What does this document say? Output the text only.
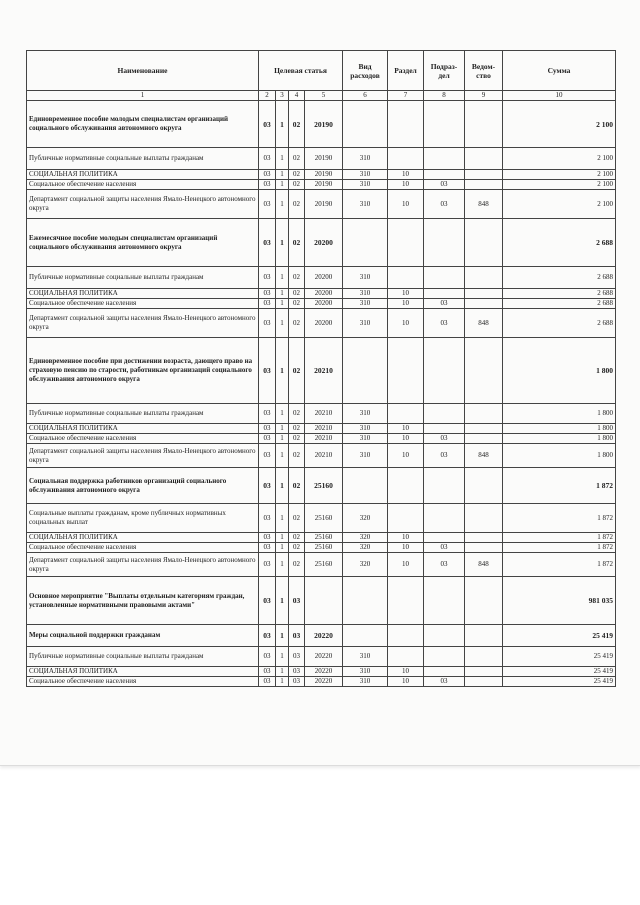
Наименование	Целевая статья				Вид расходов	Раздел	Подраз-дел	Ведом-ство	Сумма
1	2	3	4	5	6	7	8	9	10
Единовременное пособие молодым специалистам организаций социального обслуживания автономного округа	03	1	02	20190					2 100
Публичные нормативные социальные выплаты гражданам	03	1	02	20190	310				2 100
СОЦИАЛЬНАЯ ПОЛИТИКА	03	1	02	20190	310	10			2 100
Социальное обеспечение населения	03	1	02	20190	310	10	03		2 100
Департамент социальной защиты населения Ямало-Ненецкого автономного округа	03	1	02	20190	310	10	03	848	2 100
Ежемесячное пособие молодым специалистам организаций социального обслуживания автономного округа	03	1	02	20200					2 688
Публичные нормативные социальные выплаты гражданам	03	1	02	20200	310				2 688
СОЦИАЛЬНАЯ ПОЛИТИКА	03	1	02	20200	310	10			2 688
Социальное обеспечение населения	03	1	02	20200	310	10	03		2 688
Департамент социальной защиты населения Ямало-Ненецкого автономного округа	03	1	02	20200	310	10	03	848	2 688
Единовременное пособие при достижении возраста, дающего право на страховую пенсию по старости, работникам организаций социального обслуживания автономного округа	03	1	02	20210					1 800
Публичные нормативные социальные выплаты гражданам	03	1	02	20210	310				1 800
СОЦИАЛЬНАЯ ПОЛИТИКА	03	1	02	20210	310	10			1 800
Социальное обеспечение населения	03	1	02	20210	310	10	03		1 800
Департамент социальной защиты населения Ямало-Ненецкого автономного округа	03	1	02	20210	310	10	03	848	1 800
Социальная поддержка работников организаций социального обслуживания автономного округа	03	1	02	25160					1 872
Социальные выплаты гражданам, кроме публичных нормативных социальных выплат	03	1	02	25160	320				1 872
СОЦИАЛЬНАЯ ПОЛИТИКА	03	1	02	25160	320	10			1 872
Социальное обеспечение населения	03	1	02	25160	320	10	03		1 872
Департамент социальной защиты населения Ямало-Ненецкого автономного округа	03	1	02	25160	320	10	03	848	1 872
Основное мероприятие "Выплаты отдельным категориям граждан, установленные нормативными правовыми актами"	03	1	03						981 035
Меры социальной поддержки гражданам	03	1	03	20220					25 419
Публичные нормативные социальные выплаты гражданам	03	1	03	20220	310				25 419
СОЦИАЛЬНАЯ ПОЛИТИКА	03	1	03	20220	310	10			25 419
Социальное обеспечение населения	03	1	03	20220	310	10	03		25 419
